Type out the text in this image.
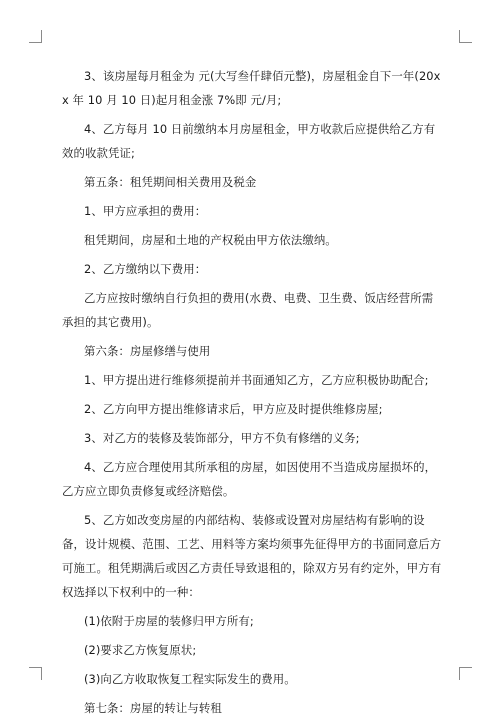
3、该房屋每月租金为 元(大写叁仟肆佰元整)，房屋租金自下一年(20xx 年 10 月 10 日)起月租金涨 7%即 元/月;

4、乙方每月 10 日前缴纳本月房屋租金，甲方收款后应提供给乙方有效的收款凭证;

第五条：租凭期间相关费用及税金

1、甲方应承担的费用：

租凭期间，房屋和土地的产权税由甲方依法缴纳。

2、乙方缴纳以下费用：

乙方应按时缴纳自行负担的费用(水费、电费、卫生费、饭店经营所需承担的其它费用)。

第六条：房屋修缮与使用

1、甲方提出进行维修须提前并书面通知乙方，乙方应积极协助配合;

2、乙方向甲方提出维修请求后，甲方应及时提供维修房屋;

3、对乙方的装修及装饰部分，甲方不负有修缮的义务;

4、乙方应合理使用其所承租的房屋，如因使用不当造成房屋损坏的，乙方应立即负责修复或经济赔偿。

5、乙方如改变房屋的内部结构、装修或设置对房屋结构有影响的设备，设计规模、范围、工艺、用料等方案均须事先征得甲方的书面同意后方可施工。租凭期满后或因乙方责任导致退租的，除双方另有约定外，甲方有权选择以下权利中的一种：

(1)依附于房屋的装修归甲方所有;

(2)要求乙方恢复原状;

(3)向乙方收取恢复工程实际发生的费用。

第七条：房屋的转让与转租
